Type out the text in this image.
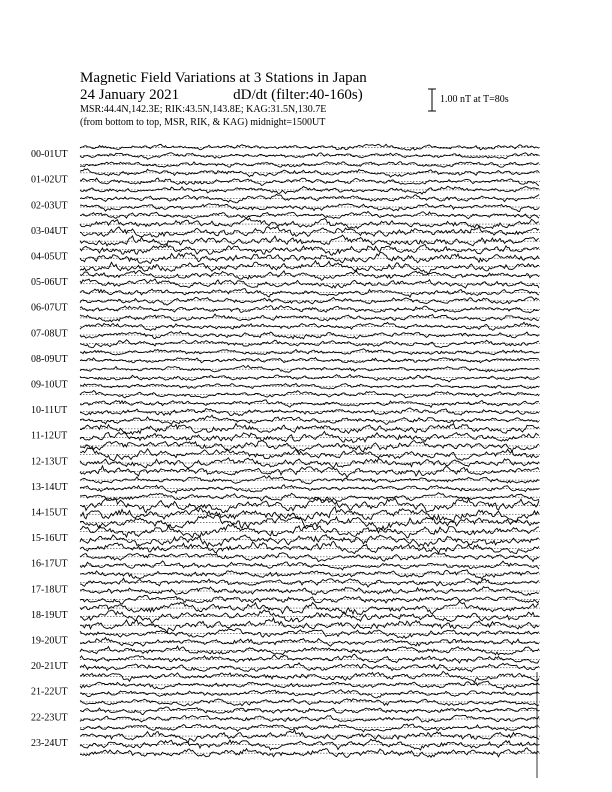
Magnetic Field Variations at 3 Stations in Japan
24 January 2021	dD/dt (filter:40-160s)
MSR:44.4N,142.3E; RIK:43.5N,143.8E; KAG:31.5N,130.7E
(from bottom to top, MSR, RIK, & KAG) midnight=1500UT
1.00 nT at T=80s
00-01UT
01-02UT
02-03UT
03-04UT
04-05UT
05-06UT
06-07UT
07-08UT
08-09UT
09-10UT
10-11UT
11-12UT
12-13UT
13-14UT
14-15UT
15-16UT
16-17UT
17-18UT
18-19UT
19-20UT
20-21UT
21-22UT
22-23UT
23-24UT
